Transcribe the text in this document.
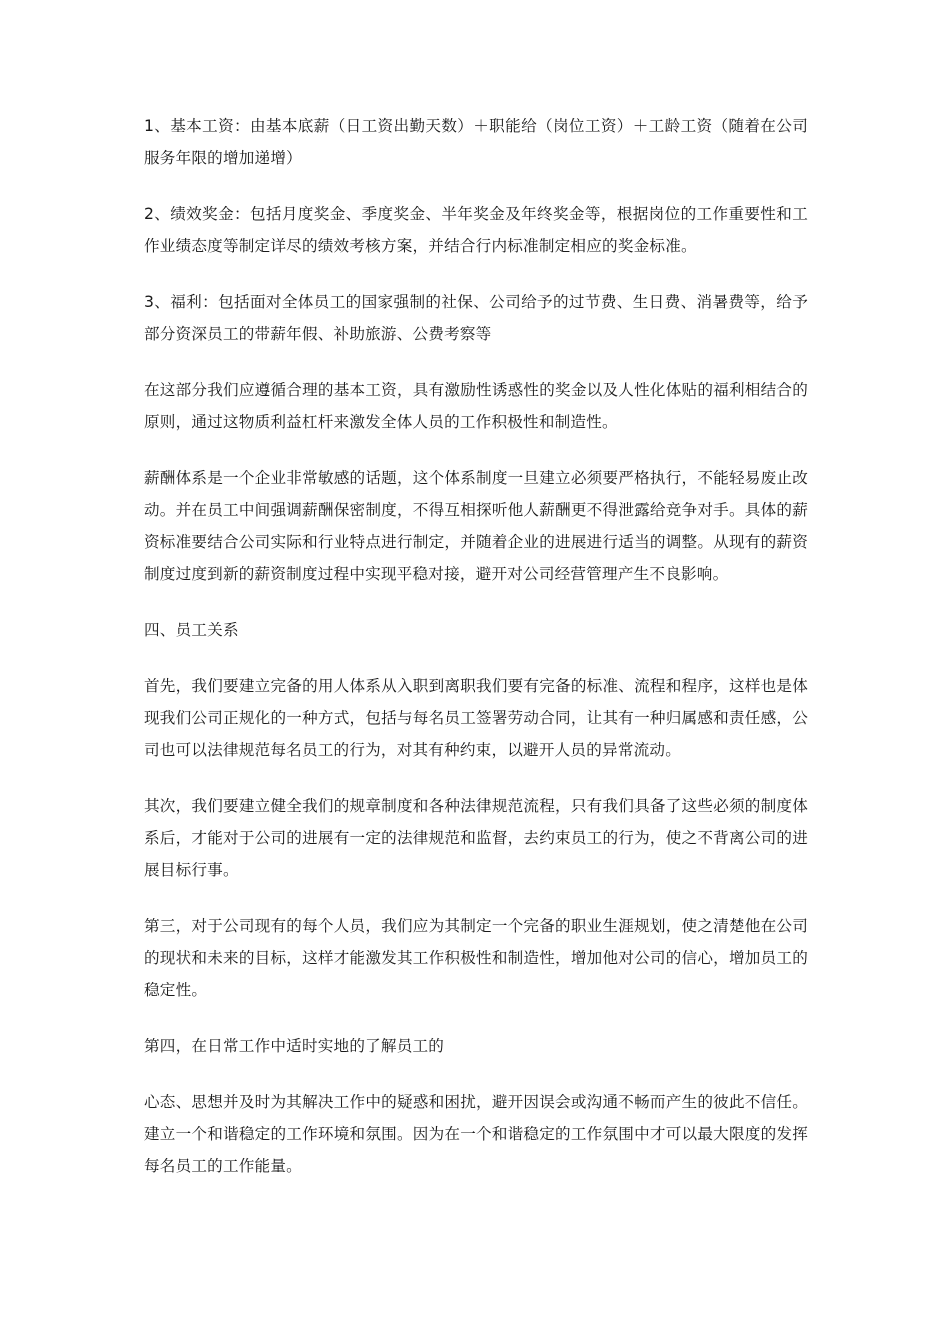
1、基本工资：由基本底薪（日工资出勤天数）＋职能给（岗位工资）＋工龄工资（随着在公司服务年限的增加递增）

2、绩效奖金：包括月度奖金、季度奖金、半年奖金及年终奖金等，根据岗位的工作重要性和工作业绩态度等制定详尽的绩效考核方案，并结合行内标准制定相应的奖金标准。

3、福利：包括面对全体员工的国家强制的社保、公司给予的过节费、生日费、消暑费等，给予部分资深员工的带薪年假、补助旅游、公费考察等

在这部分我们应遵循合理的基本工资，具有激励性诱惑性的奖金以及人性化体贴的福利相结合的原则，通过这物质利益杠杆来激发全体人员的工作积极性和制造性。

薪酬体系是一个企业非常敏感的话题，这个体系制度一旦建立必须要严格执行，不能轻易废止改动。并在员工中间强调薪酬保密制度，不得互相探听他人薪酬更不得泄露给竞争对手。具体的薪资标准要结合公司实际和行业特点进行制定，并随着企业的进展进行适当的调整。从现有的薪资制度过度到新的薪资制度过程中实现平稳对接，避开对公司经营管理产生不良影响。

四、员工关系

首先，我们要建立完备的用人体系从入职到离职我们要有完备的标准、流程和程序，这样也是体现我们公司正规化的一种方式，包括与每名员工签署劳动合同，让其有一种归属感和责任感，公司也可以法律规范每名员工的行为，对其有种约束，以避开人员的异常流动。

其次，我们要建立健全我们的规章制度和各种法律规范流程，只有我们具备了这些必须的制度体系后，才能对于公司的进展有一定的法律规范和监督，去约束员工的行为，使之不背离公司的进展目标行事。

第三，对于公司现有的每个人员，我们应为其制定一个完备的职业生涯规划，使之清楚他在公司的现状和未来的目标，这样才能激发其工作积极性和制造性，增加他对公司的信心，增加员工的稳定性。

第四，在日常工作中适时实地的了解员工的

心态、思想并及时为其解决工作中的疑惑和困扰，避开因误会或沟通不畅而产生的彼此不信任。建立一个和谐稳定的工作环境和氛围。因为在一个和谐稳定的工作氛围中才可以最大限度的发挥每名员工的工作能量。
